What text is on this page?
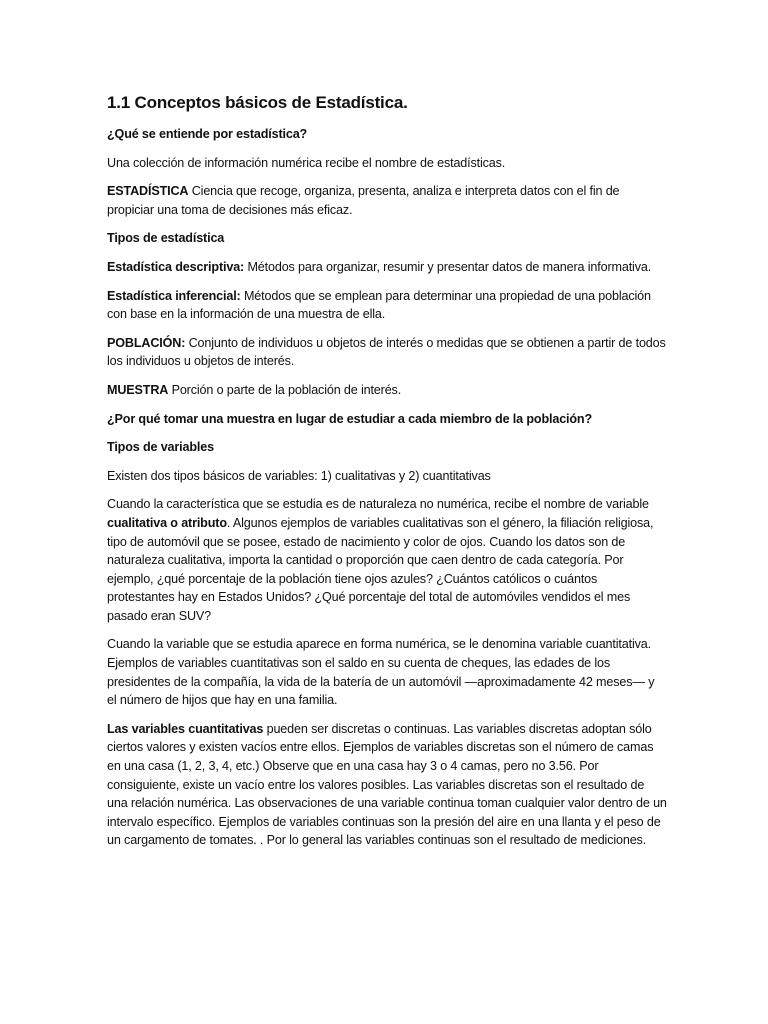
1.1 Conceptos básicos de Estadística.

¿Qué se entiende por estadística?

Una colección de información numérica recibe el nombre de estadísticas.

ESTADÍSTICA Ciencia que recoge, organiza, presenta, analiza e interpreta datos con el fin de propiciar una toma de decisiones más eficaz.

Tipos de estadística

Estadística descriptiva: Métodos para organizar, resumir y presentar datos de manera informativa.

Estadística inferencial: Métodos que se emplean para determinar una propiedad de una población con base en la información de una muestra de ella.

POBLACIÓN: Conjunto de individuos u objetos de interés o medidas que se obtienen a partir de todos los individuos u objetos de interés.

MUESTRA Porción o parte de la población de interés.

¿Por qué tomar una muestra en lugar de estudiar a cada miembro de la población?

Tipos de variables

Existen dos tipos básicos de variables: 1) cualitativas y 2) cuantitativas

Cuando la característica que se estudia es de naturaleza no numérica, recibe el nombre de variable cualitativa o atributo. Algunos ejemplos de variables cualitativas son el género, la filiación religiosa, tipo de automóvil que se posee, estado de nacimiento y color de ojos. Cuando los datos son de naturaleza cualitativa, importa la cantidad o proporción que caen dentro de cada categoría. Por ejemplo, ¿qué porcentaje de la población tiene ojos azules? ¿Cuántos católicos o cuántos protestantes hay en Estados Unidos? ¿Qué porcentaje del total de automóviles vendidos el mes pasado eran SUV?

Cuando la variable que se estudia aparece en forma numérica, se le denomina variable cuantitativa. Ejemplos de variables cuantitativas son el saldo en su cuenta de cheques, las edades de los presidentes de la compañía, la vida de la batería de un automóvil —aproximadamente 42 meses— y el número de hijos que hay en una familia.

Las variables cuantitativas pueden ser discretas o continuas. Las variables discretas adoptan sólo ciertos valores y existen vacíos entre ellos. Ejemplos de variables discretas son el número de camas en una casa (1, 2, 3, 4, etc.) Observe que en una casa hay 3 o 4 camas, pero no 3.56. Por consiguiente, existe un vacío entre los valores posibles. Las variables discretas son el resultado de una relación numérica. Las observaciones de una variable continua toman cualquier valor dentro de un intervalo específico. Ejemplos de variables continuas son la presión del aire en una llanta y el peso de un cargamento de tomates. . Por lo general las variables continuas son el resultado de mediciones.
